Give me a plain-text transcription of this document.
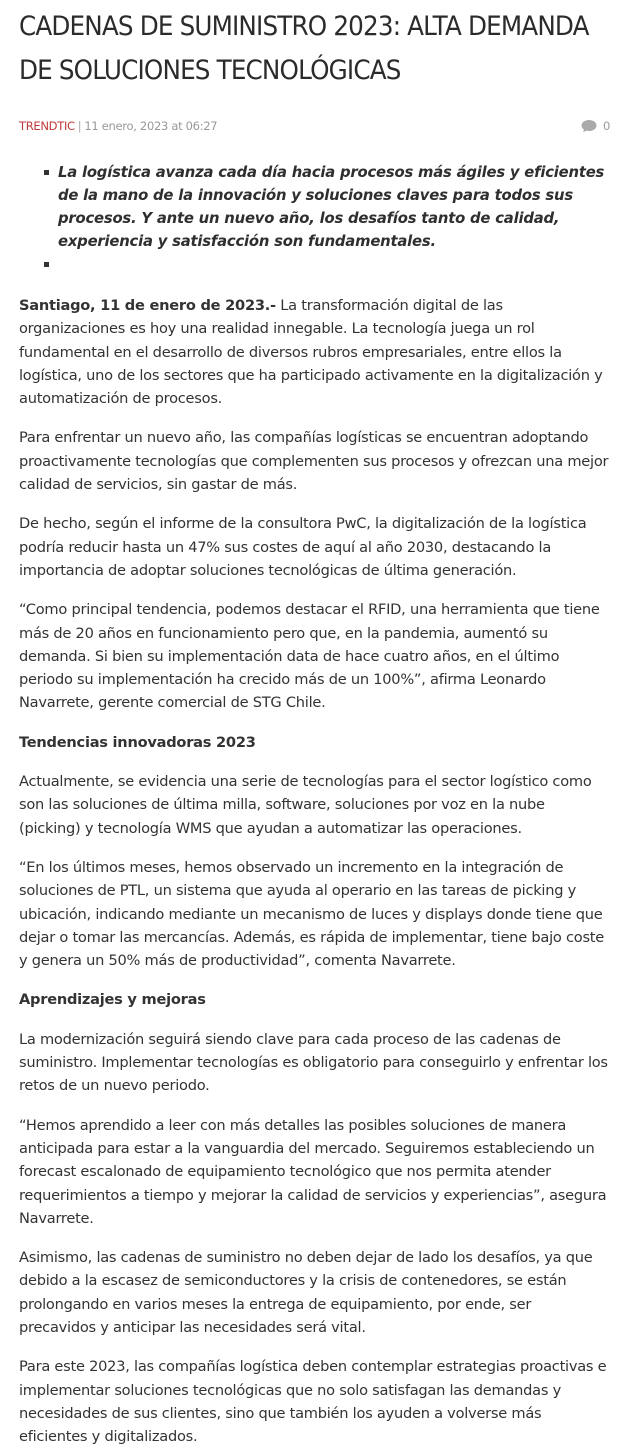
CADENAS DE SUMINISTRO 2023: ALTA DEMANDA DE SOLUCIONES TECNOLÓGICAS
TRENDTIC | 11 enero, 2023 at 06:27	0
La logística avanza cada día hacia procesos más ágiles y eficientes de la mano de la innovación y soluciones claves para todos sus procesos. Y ante un nuevo año, los desafíos tanto de calidad, experiencia y satisfacción son fundamentales.

Santiago, 11 de enero de 2023.- La transformación digital de las organizaciones es hoy una realidad innegable. La tecnología juega un rol fundamental en el desarrollo de diversos rubros empresariales, entre ellos la logística, uno de los sectores que ha participado activamente en la digitalización y automatización de procesos.

Para enfrentar un nuevo año, las compañías logísticas se encuentran adoptando proactivamente tecnologías que complementen sus procesos y ofrezcan una mejor calidad de servicios, sin gastar de más.

De hecho, según el informe de la consultora PwC, la digitalización de la logística podría reducir hasta un 47% sus costes de aquí al año 2030, destacando la importancia de adoptar soluciones tecnológicas de última generación.

“Como principal tendencia, podemos destacar el RFID, una herramienta que tiene más de 20 años en funcionamiento pero que, en la pandemia, aumentó su demanda. Si bien su implementación data de hace cuatro años, en el último periodo su implementación ha crecido más de un 100%”, afirma Leonardo Navarrete, gerente comercial de STG Chile.

Tendencias innovadoras 2023

Actualmente, se evidencia una serie de tecnologías para el sector logístico como son las soluciones de última milla, software, soluciones por voz en la nube (picking) y tecnología WMS que ayudan a automatizar las operaciones.

“En los últimos meses, hemos observado un incremento en la integración de soluciones de PTL, un sistema que ayuda al operario en las tareas de picking y ubicación, indicando mediante un mecanismo de luces y displays donde tiene que dejar o tomar las mercancías. Además, es rápida de implementar, tiene bajo coste y genera un 50% más de productividad”, comenta Navarrete.

Aprendizajes y mejoras

La modernización seguirá siendo clave para cada proceso de las cadenas de suministro. Implementar tecnologías es obligatorio para conseguirlo y enfrentar los retos de un nuevo periodo.

“Hemos aprendido a leer con más detalles las posibles soluciones de manera anticipada para estar a la vanguardia del mercado. Seguiremos estableciendo un forecast escalonado de equipamiento tecnológico que nos permita atender requerimientos a tiempo y mejorar la calidad de servicios y experiencias”, asegura Navarrete.

Asimismo, las cadenas de suministro no deben dejar de lado los desafíos, ya que debido a la escasez de semiconductores y la crisis de contenedores, se están prolongando en varios meses la entrega de equipamiento, por ende, ser precavidos y anticipar las necesidades será vital.

Para este 2023, las compañías logística deben contemplar estrategias proactivas e implementar soluciones tecnológicas que no solo satisfagan las demandas y necesidades de sus clientes, sino que también los ayuden a volverse más eficientes y digitalizados.
